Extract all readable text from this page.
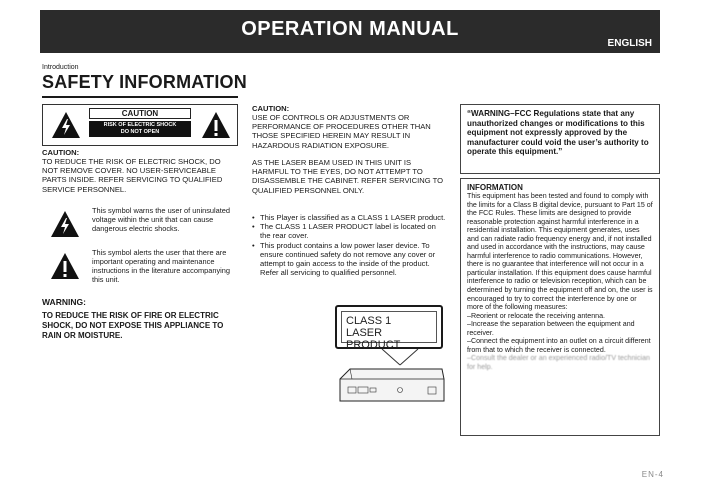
OPERATION MANUAL
ENGLISH
Introduction
SAFETY INFORMATION
CAUTION
RISK OF ELECTRIC SHOCK
DO NOT OPEN
CAUTION:
TO REDUCE THE RISK OF ELECTRIC SHOCK, DO NOT REMOVE COVER. NO USER-SERVICEABLE PARTS INSIDE. REFER SERVICING TO QUALIFIED SERVICE PERSONNEL.
This symbol warns the user of uninsulated voltage within the unit that can cause dangerous electric shocks.
This symbol alerts the user that there are important operating and maintenance instructions in the literature accompanying this unit.
WARNING:
TO REDUCE THE RISK OF FIRE OR ELECTRIC SHOCK, DO NOT EXPOSE THIS APPLIANCE TO RAIN OR MOISTURE.
CAUTION:
USE OF CONTROLS OR ADJUSTMENTS OR PERFORMANCE OF PROCEDURES OTHER THAN THOSE SPECIFIED HEREIN MAY RESULT IN HAZARDOUS RADIATION EXPOSURE.
AS THE LASER BEAM USED IN THIS UNIT IS HARMFUL TO THE EYES, DO NOT ATTEMPT TO DISASSEMBLE THE CABINET. REFER SERVICING TO QUALIFIED PERSONNEL ONLY.
• This Player is classified as a CLASS 1 LASER product.
• The CLASS 1 LASER PRODUCT label is located on the rear cover.
• This product contains a low power laser device. To ensure continued safety do not remove any cover or attempt to gain access to the inside of the product. Refer all servicing to qualified personnel.
CLASS 1
LASER PRODUCT
“WARNING–FCC Regulations state that any unauthorized changes or modifications to this equipment not expressly approved by the manufacturer could void the user’s authority to operate this equipment.”
INFORMATION
This equipment has been tested and found to comply with the limits for a Class B digital device, pursuant to Part 15 of the FCC Rules. These limits are designed to provide reasonable protection against harmful interference in a residential installation. This equipment generates, uses and can radiate radio frequency energy and, if not installed and used in accordance with the instructions, may cause harmful interference to radio communications. However, there is no guarantee that interference will not occur in a particular installation. If this equipment does cause harmful interference to radio or television reception, which can be determined by turning the equipment off and on, the user is encouraged to try to correct the interference by one or more of the following measures:
–Reorient or relocate the receiving antenna.
–Increase the separation between the equipment and receiver.
–Connect the equipment into an outlet on a circuit different from that to which the receiver is connected.
–Consult the dealer or an experienced radio/TV technician for help.
EN-4
